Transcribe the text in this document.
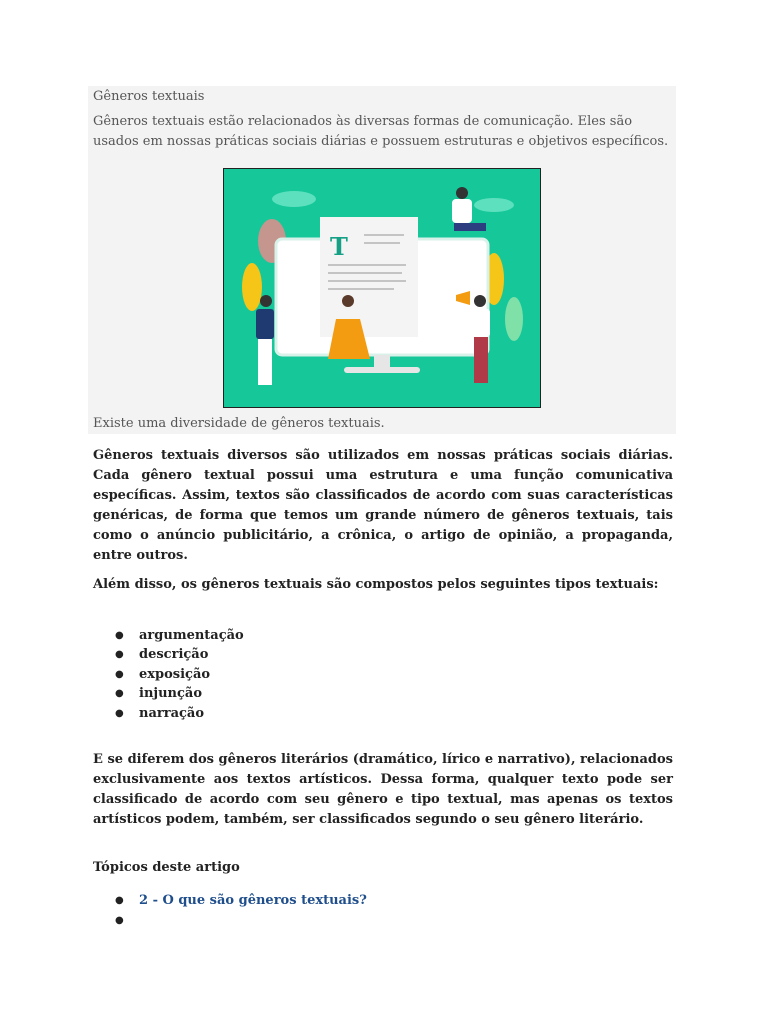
Gêneros textuais

Gêneros textuais estão relacionados às diversas formas de comunicação. Eles são usados em nossas práticas sociais diárias e possuem estruturas e objetivos específicos.

T

Existe uma diversidade de gêneros textuais.

Gêneros textuais diversos são utilizados em nossas práticas sociais diárias. Cada gênero textual possui uma estrutura e uma função comunicativa específicas. Assim, textos são classificados de acordo com suas características genéricas, de forma que temos um grande número de gêneros textuais, tais como o anúncio publicitário, a crônica, o artigo de opinião, a propaganda, entre outros.

Além disso, os gêneros textuais são compostos pelos seguintes tipos textuais:

● argumentação
● descrição
● exposição
● injunção
● narração

E se diferem dos gêneros literários (dramático, lírico e narrativo), relacionados exclusivamente aos textos artísticos. Dessa forma, qualquer texto pode ser classificado de acordo com seu gênero e tipo textual, mas apenas os textos artísticos podem, também, ser classificados segundo o seu gênero literário.

Tópicos deste artigo

● 2 - O que são gêneros textuais?
●
